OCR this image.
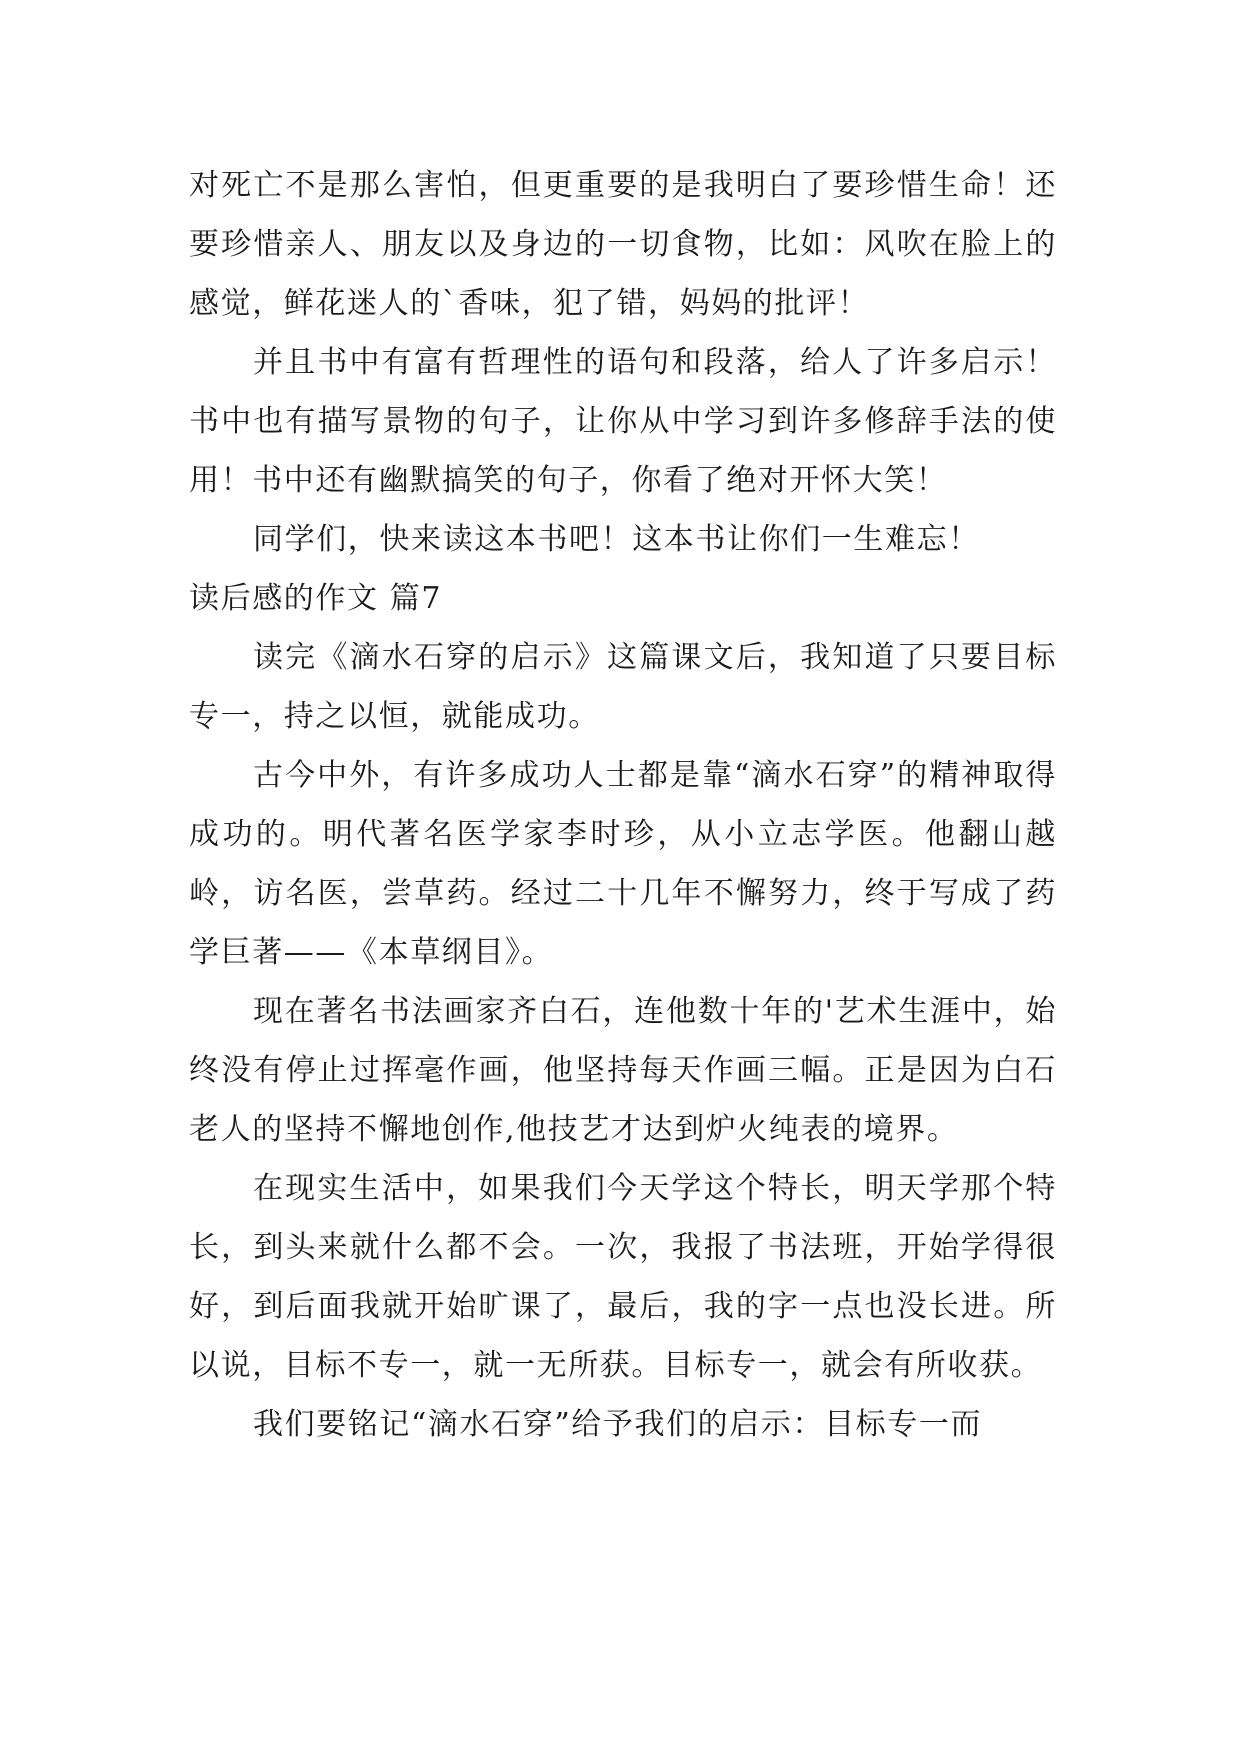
对死亡不是那么害怕，但更重要的是我明白了要珍惜生命！还要珍惜亲人、朋友以及身边的一切食物，比如：风吹在脸上的感觉，鲜花迷人的`香味，犯了错，妈妈的批评！

并且书中有富有哲理性的语句和段落，给人了许多启示！书中也有描写景物的句子，让你从中学习到许多修辞手法的使用！书中还有幽默搞笑的句子，你看了绝对开怀大笑！

同学们，快来读这本书吧！这本书让你们一生难忘！

读后感的作文 篇7

读完《滴水石穿的启示》这篇课文后，我知道了只要目标专一，持之以恒，就能成功。

古今中外，有许多成功人士都是靠“滴水石穿”的精神取得成功的。明代著名医学家李时珍，从小立志学医。他翻山越岭，访名医，尝草药。经过二十几年不懈努力，终于写成了药学巨著——《本草纲目》。

现在著名书法画家齐白石，连他数十年的'艺术生涯中，始终没有停止过挥毫作画，他坚持每天作画三幅。正是因为白石老人的坚持不懈地创作,他技艺才达到炉火纯表的境界。

在现实生活中，如果我们今天学这个特长，明天学那个特长，到头来就什么都不会。一次，我报了书法班，开始学得很好，到后面我就开始旷课了，最后，我的字一点也没长进。所以说，目标不专一，就一无所获。目标专一，就会有所收获。

我们要铭记“滴水石穿”给予我们的启示：目标专一而
